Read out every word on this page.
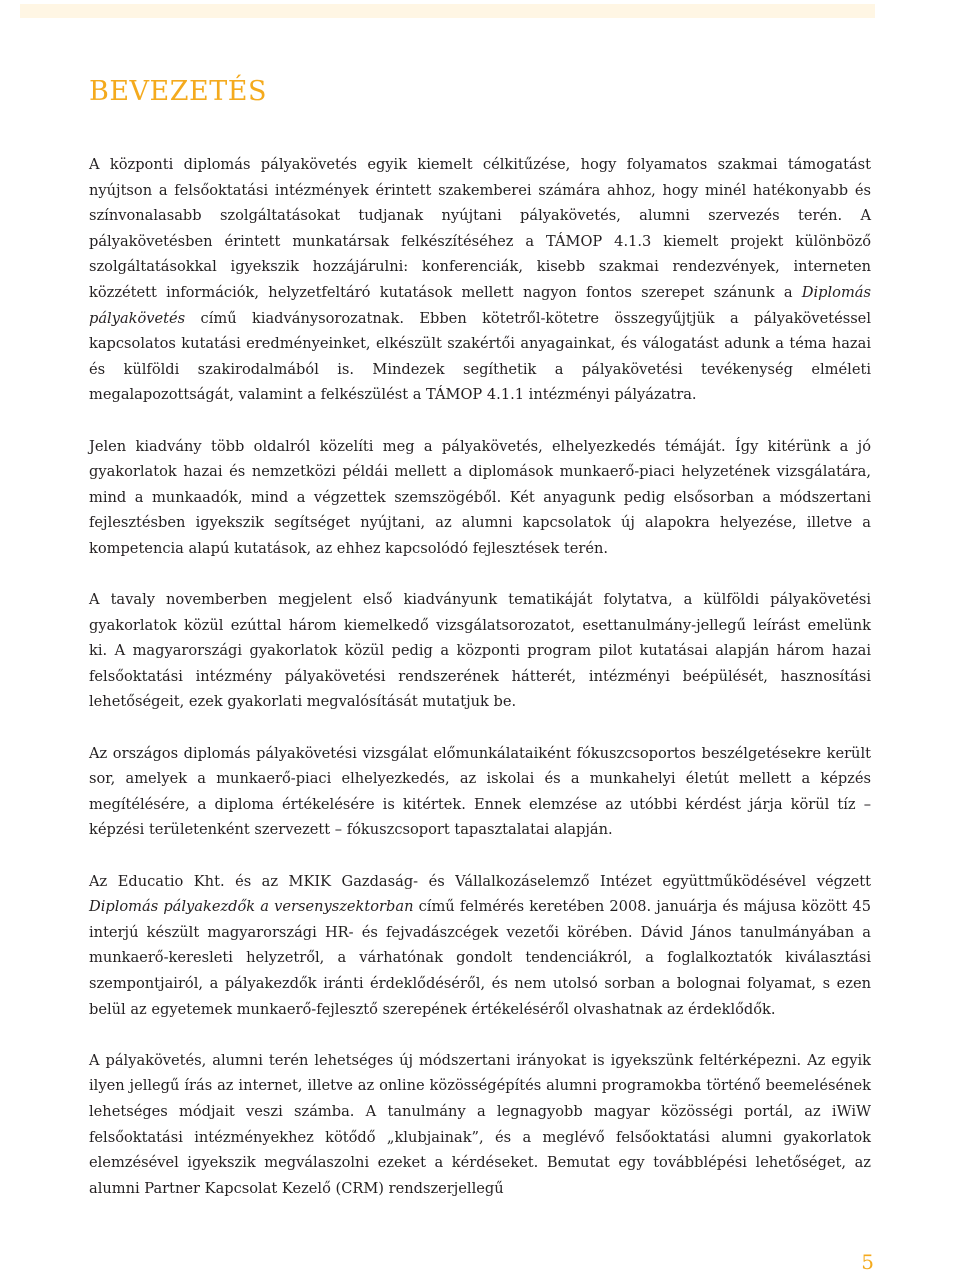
BEVEZETÉS

A központi diplomás pályakövetés egyik kiemelt célkitűzése, hogy folyamatos szakmai támogatást nyújtson a felsőoktatási intézmények érintett szakemberei számára ahhoz, hogy minél hatékonyabb és színvonalasabb szolgáltatásokat tudjanak nyújtani pályakövetés, alumni szervezés terén. A pályakövetésben érintett munkatársak felkészítéséhez a TÁMOP 4.1.3 kiemelt projekt különböző szolgáltatásokkal igyekszik hozzájárulni: konferenciák, kisebb szakmai rendezvények, interneten közzétett információk, helyzetfeltáró kutatások mellett nagyon fontos szerepet szánunk a Diplomás pályakövetés című kiadványsorozatnak. Ebben kötetről-kötetre összegyűjtjük a pályakövetéssel kapcsolatos kutatási eredményeinket, elkészült szakértői anyagainkat, és válogatást adunk a téma hazai és külföldi szakirodalmából is. Mindezek segíthetik a pályakövetési tevékenység elméleti megalapozottságát, valamint a felkészülést a TÁMOP 4.1.1 intézményi pályázatra.

Jelen kiadvány több oldalról közelíti meg a pályakövetés, elhelyezkedés témáját. Így kitérünk a jó gyakorlatok hazai és nemzetközi példái mellett a diplomások munkaerő-piaci helyzetének vizsgálatára, mind a munkaadók, mind a végzettek szemszögéből. Két anyagunk pedig elsősorban a módszertani fejlesztésben igyekszik segítséget nyújtani, az alumni kapcsolatok új alapokra helyezése, illetve a kompetencia alapú kutatások, az ehhez kapcsolódó fejlesztések terén.

A tavaly novemberben megjelent első kiadványunk tematikáját folytatva, a külföldi pályakövetési gyakorlatok közül ezúttal három kiemelkedő vizsgálatsorozatot, esettanulmány-jellegű leírást emelünk ki. A magyarországi gyakorlatok közül pedig a központi program pilot kutatásai alapján három hazai felsőoktatási intézmény pályakövetési rendszerének hátterét, intézményi beépülését, hasznosítási lehetőségeit, ezek gyakorlati megvalósítását mutatjuk be.

Az országos diplomás pályakövetési vizsgálat előmunkálataiként fókuszcsoportos beszélgetésekre került sor, amelyek a munkaerő-piaci elhelyezkedés, az iskolai és a munkahelyi életút mellett a képzés megítélésére, a diploma értékelésére is kitértek. Ennek elemzése az utóbbi kérdést járja körül tíz – képzési területenként szervezett – fókuszcsoport tapasztalatai alapján.

Az Educatio Kht. és az MKIK Gazdaság- és Vállalkozáselemző Intézet együttműködésével végzett Diplomás pályakezdők a versenyszektorban című felmérés keretében 2008. januárja és májusa között 45 interjú készült magyarországi HR- és fejvadászcégek vezetői körében. Dávid János tanulmányában a munkaerő-keresleti helyzetről, a várhatónak gondolt tendenciákról, a foglalkoztatók kiválasztási szempontjairól, a pályakezdők iránti érdeklődéséről, és nem utolsó sorban a bolognai folyamat, s ezen belül az egyetemek munkaerő-fejlesztő szerepének értékeléséről olvashatnak az érdeklődők.

A pályakövetés, alumni terén lehetséges új módszertani irányokat is igyekszünk feltérképezni. Az egyik ilyen jellegű írás az internet, illetve az online közösségépítés alumni programokba történő beemelésének lehetséges módjait veszi számba. A tanulmány a legnagyobb magyar közösségi portál, az iWiW felsőoktatási intézményekhez kötődő „klubjainak”, és a meglévő felsőoktatási alumni gyakorlatok elemzésével igyekszik megválaszolni ezeket a kérdéseket. Bemutat egy továbblépési lehetőséget, az alumni Partner Kapcsolat Kezelő (CRM) rendszerjellegű

5
